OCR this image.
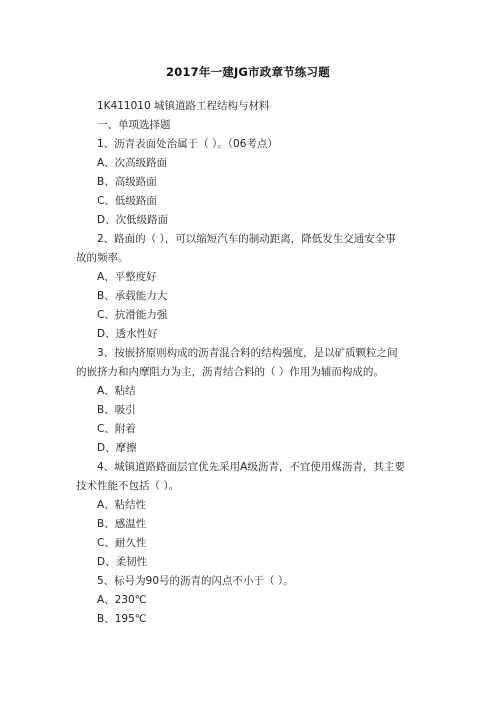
2017年一建JG市政章节练习题
1K411010 城镇道路工程结构与材料
一、单项选择题
1、沥青表面处治属于（ ）。（06考点）
A、次高级路面
B、高级路面
C、低级路面
D、次低级路面
2、路面的（ ），可以缩短汽车的制动距离，降低发生交通安全事
故的频率。
A、平整度好
B、承载能力大
C、抗滑能力强
D、透水性好
3、按嵌挤原则构成的沥青混合料的结构强度，是以矿质颗粒之间
的嵌挤力和内摩阻力为主，沥青结合料的（ ）作用为辅而构成的。
A、粘结
B、吸引
C、附着
D、摩擦
4、城镇道路路面层宜优先采用A级沥青，不宜使用煤沥青，其主要
技术性能不包括（ ）。
A、粘结性
B、感温性
C、耐久性
D、柔韧性
5、标号为90号的沥青的闪点不小于（ ）。
A、230℃
B、195℃
